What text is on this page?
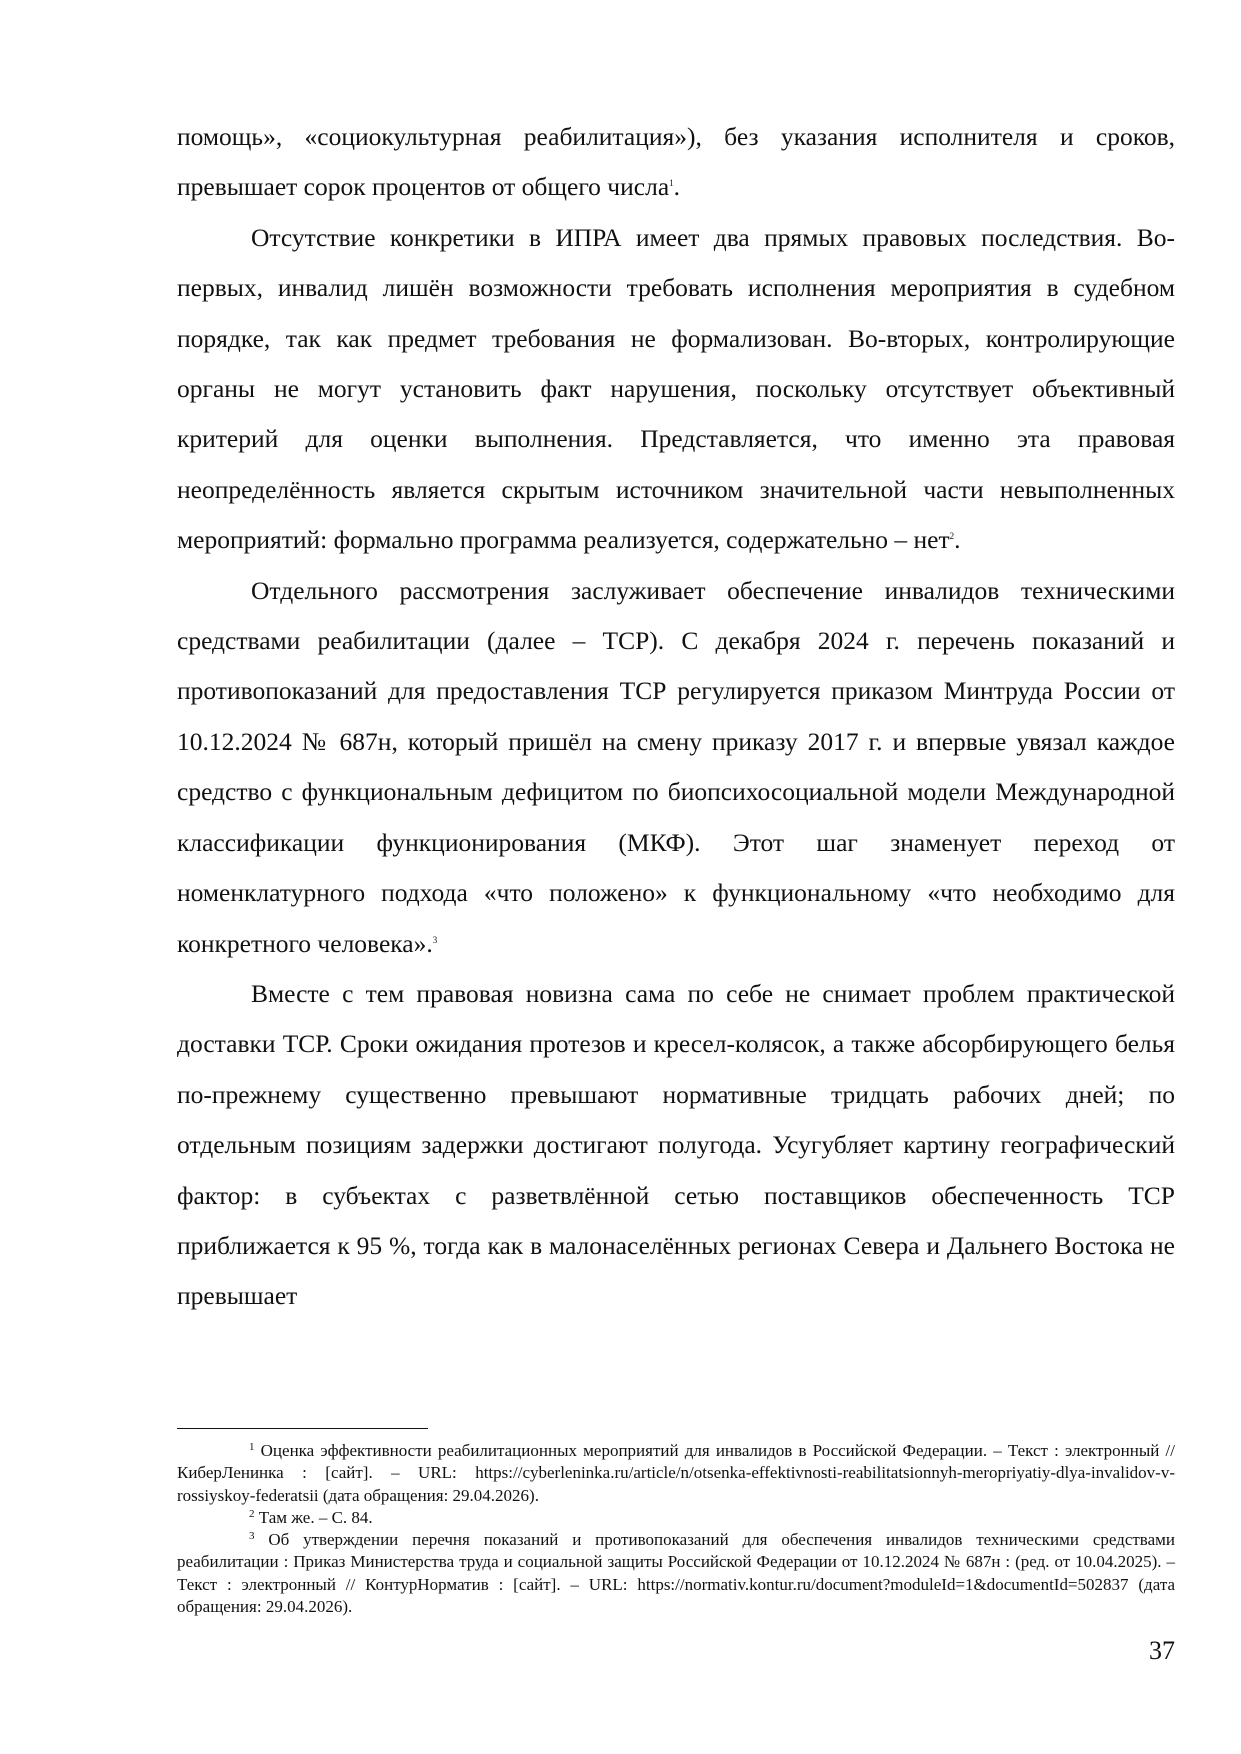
помощь», «социокультурная реабилитация»), без указания исполнителя и сроков, превышает сорок процентов от общего числа$^1$.

Отсутствие конкретики в ИПРА имеет два прямых правовых последствия. Во-первых, инвалид лишён возможности требовать исполнения мероприятия в судебном порядке, так как предмет требования не формализован. Во-вторых, контролирующие органы не могут установить факт нарушения, поскольку отсутствует объективный критерий для оценки выполнения. Представляется, что именно эта правовая неопределённость является скрытым источником значительной части невыполненных мероприятий: формально программа реализуется, содержательно – нет$^2$.

Отдельного рассмотрения заслуживает обеспечение инвалидов техническими средствами реабилитации (далее – ТСР). С декабря 2024 г. перечень показаний и противопоказаний для предоставления ТСР регулируется приказом Минтруда России от 10.12.2024 № 687н, который пришёл на смену приказу 2017 г. и впервые увязал каждое средство с функциональным дефицитом по биопсихосоциальной модели Международной классификации функционирования (МКФ). Этот шаг знаменует переход от номенклатурного подхода «что положено» к функциональному «что необходимо для конкретного человека».$^3$

Вместе с тем правовая новизна сама по себе не снимает проблем практической доставки ТСР. Сроки ожидания протезов и кресел-колясок, а также абсорбирующего белья по-прежнему существенно превышают нормативные тридцать рабочих дней; по отдельным позициям задержки достигают полугода. Усугубляет картину географический фактор: в субъектах с разветвлённой сетью поставщиков обеспеченность ТСР приближается к 95 %, тогда как в малонаселённых регионах Севера и Дальнего Востока не превышает

$^1$ Оценка эффективности реабилитационных мероприятий для инвалидов в Российской Федерации. – Текст : электронный // КиберЛенинка : [сайт]. – URL: https://cyberleninka.ru/article/n/otsenka-effektivnosti-reabilitatsionnyh-meropriyatiy-dlya-invalidov-v-rossiyskoy-federatsii (дата обращения: 29.04.2026).

$^2$ Там же. – С. 84.

$^3$ Об утверждении перечня показаний и противопоказаний для обеспечения инвалидов техническими средствами реабилитации : Приказ Министерства труда и социальной защиты Российской Федерации от 10.12.2024 № 687н : (ред. от 10.04.2025). – Текст : электронный // КонтурНорматив : [сайт]. – URL: https://normativ.kontur.ru/document?moduleId=1&documentId=502837 (дата обращения: 29.04.2026).

37
